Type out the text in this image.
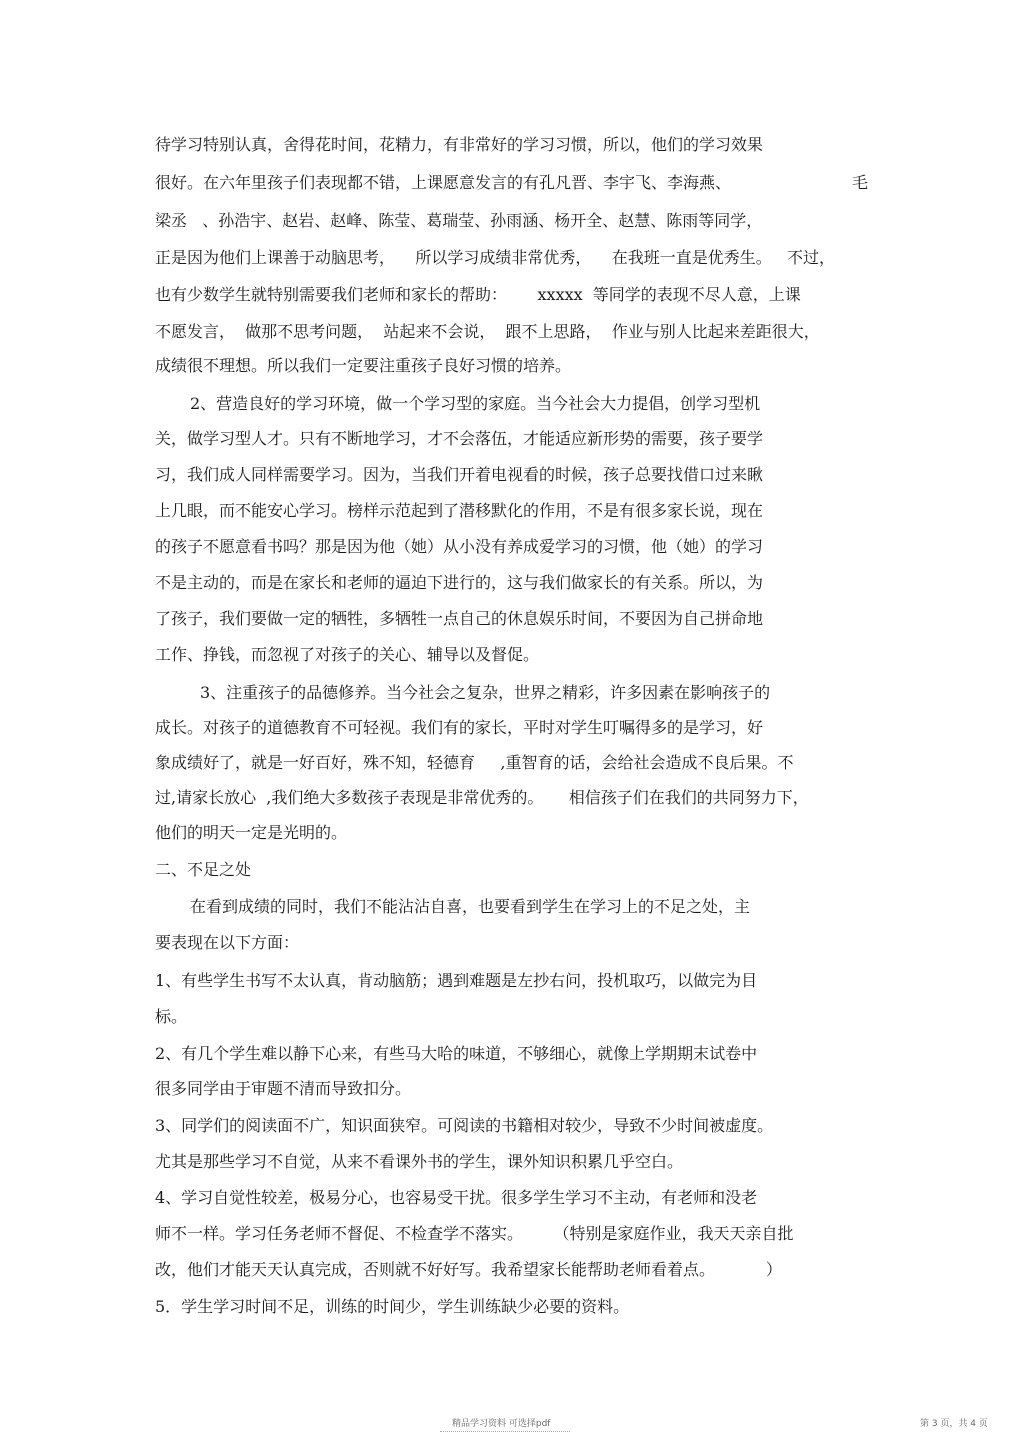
待学习特别认真，舍得花时间，花精力，有非常好的学习习惯，所以，他们的学习效果
很好。在六年里孩子们表现都不错，上课愿意发言的有孔凡晋、李宇飞、李海燕、	毛
梁丞   、孙浩宇、赵岩、赵峰、陈莹、葛瑞莹、孙雨涵、杨开全、赵慧、陈雨等同学，
正是因为他们上课善于动脑思考，    所以学习成绩非常优秀，    在我班一直是优秀生。   不过，
也有少数学生就特别需要我们老师和家长的帮助：      xxxxx  等同学的表现不尽人意，上课
不愿发言，  做那不思考问题，  站起来不会说，  跟不上思路，  作业与别人比起来差距很大，
成绩很不理想。所以我们一定要注重孩子良好习惯的培养。
2、营造良好的学习环境，做一个学习型的家庭。当今社会大力提倡，创学习型机
关，做学习型人才。只有不断地学习，才不会落伍，才能适应新形势的需要，孩子要学
习，我们成人同样需要学习。因为，当我们开着电视看的时候，孩子总要找借口过来瞅
上几眼，而不能安心学习。榜样示范起到了潜移默化的作用，不是有很多家长说，现在
的孩子不愿意看书吗？那是因为他（她）从小没有养成爱学习的习惯，他（她）的学习
不是主动的，而是在家长和老师的逼迫下进行的，这与我们做家长的有关系。所以，为
了孩子，我们要做一定的牺牲，多牺牲一点自己的休息娱乐时间，不要因为自己拼命地
工作、挣钱，而忽视了对孩子的关心、辅导以及督促。
3、注重孩子的品德修养。当今社会之复杂，世界之精彩，许多因素在影响孩子的
成长。对孩子的道德教育不可轻视。我们有的家长，平时对学生叮嘱得多的是学习，好
象成绩好了，就是一好百好，殊不知，轻德育     ,重智育的话，会给社会造成不良后果。不
过,请家长放心  ,我们绝大多数孩子表现是非常优秀的。     相信孩子们在我们的共同努力下，
他们的明天一定是光明的。
二、不足之处
在看到成绩的同时，我们不能沾沾自喜，也要看到学生在学习上的不足之处，主
要表现在以下方面：
1、有些学生书写不太认真，肯动脑筋；遇到难题是左抄右问，投机取巧，以做完为目
标。
2、有几个学生难以静下心来，有些马大哈的味道，不够细心，就像上学期期末试卷中
很多同学由于审题不清而导致扣分。
3、同学们的阅读面不广，知识面狭窄。可阅读的书籍相对较少，导致不少时间被虚度。
尤其是那些学习不自觉，从来不看课外书的学生，课外知识积累几乎空白。
4、学习自觉性较差，极易分心，也容易受干扰。很多学生学习不主动，有老师和没老
师不一样。学习任务老师不督促、不检查学不落实。      （特别是家庭作业，我天天亲自批
改，他们才能天天认真完成，否则就不好好写。我希望家长能帮助老师看着点。          ）
5．学生学习时间不足，训练的时间少，学生训练缺少必要的资料。
精品学习资料 可选择pdf	第 3 页，共 4 页
